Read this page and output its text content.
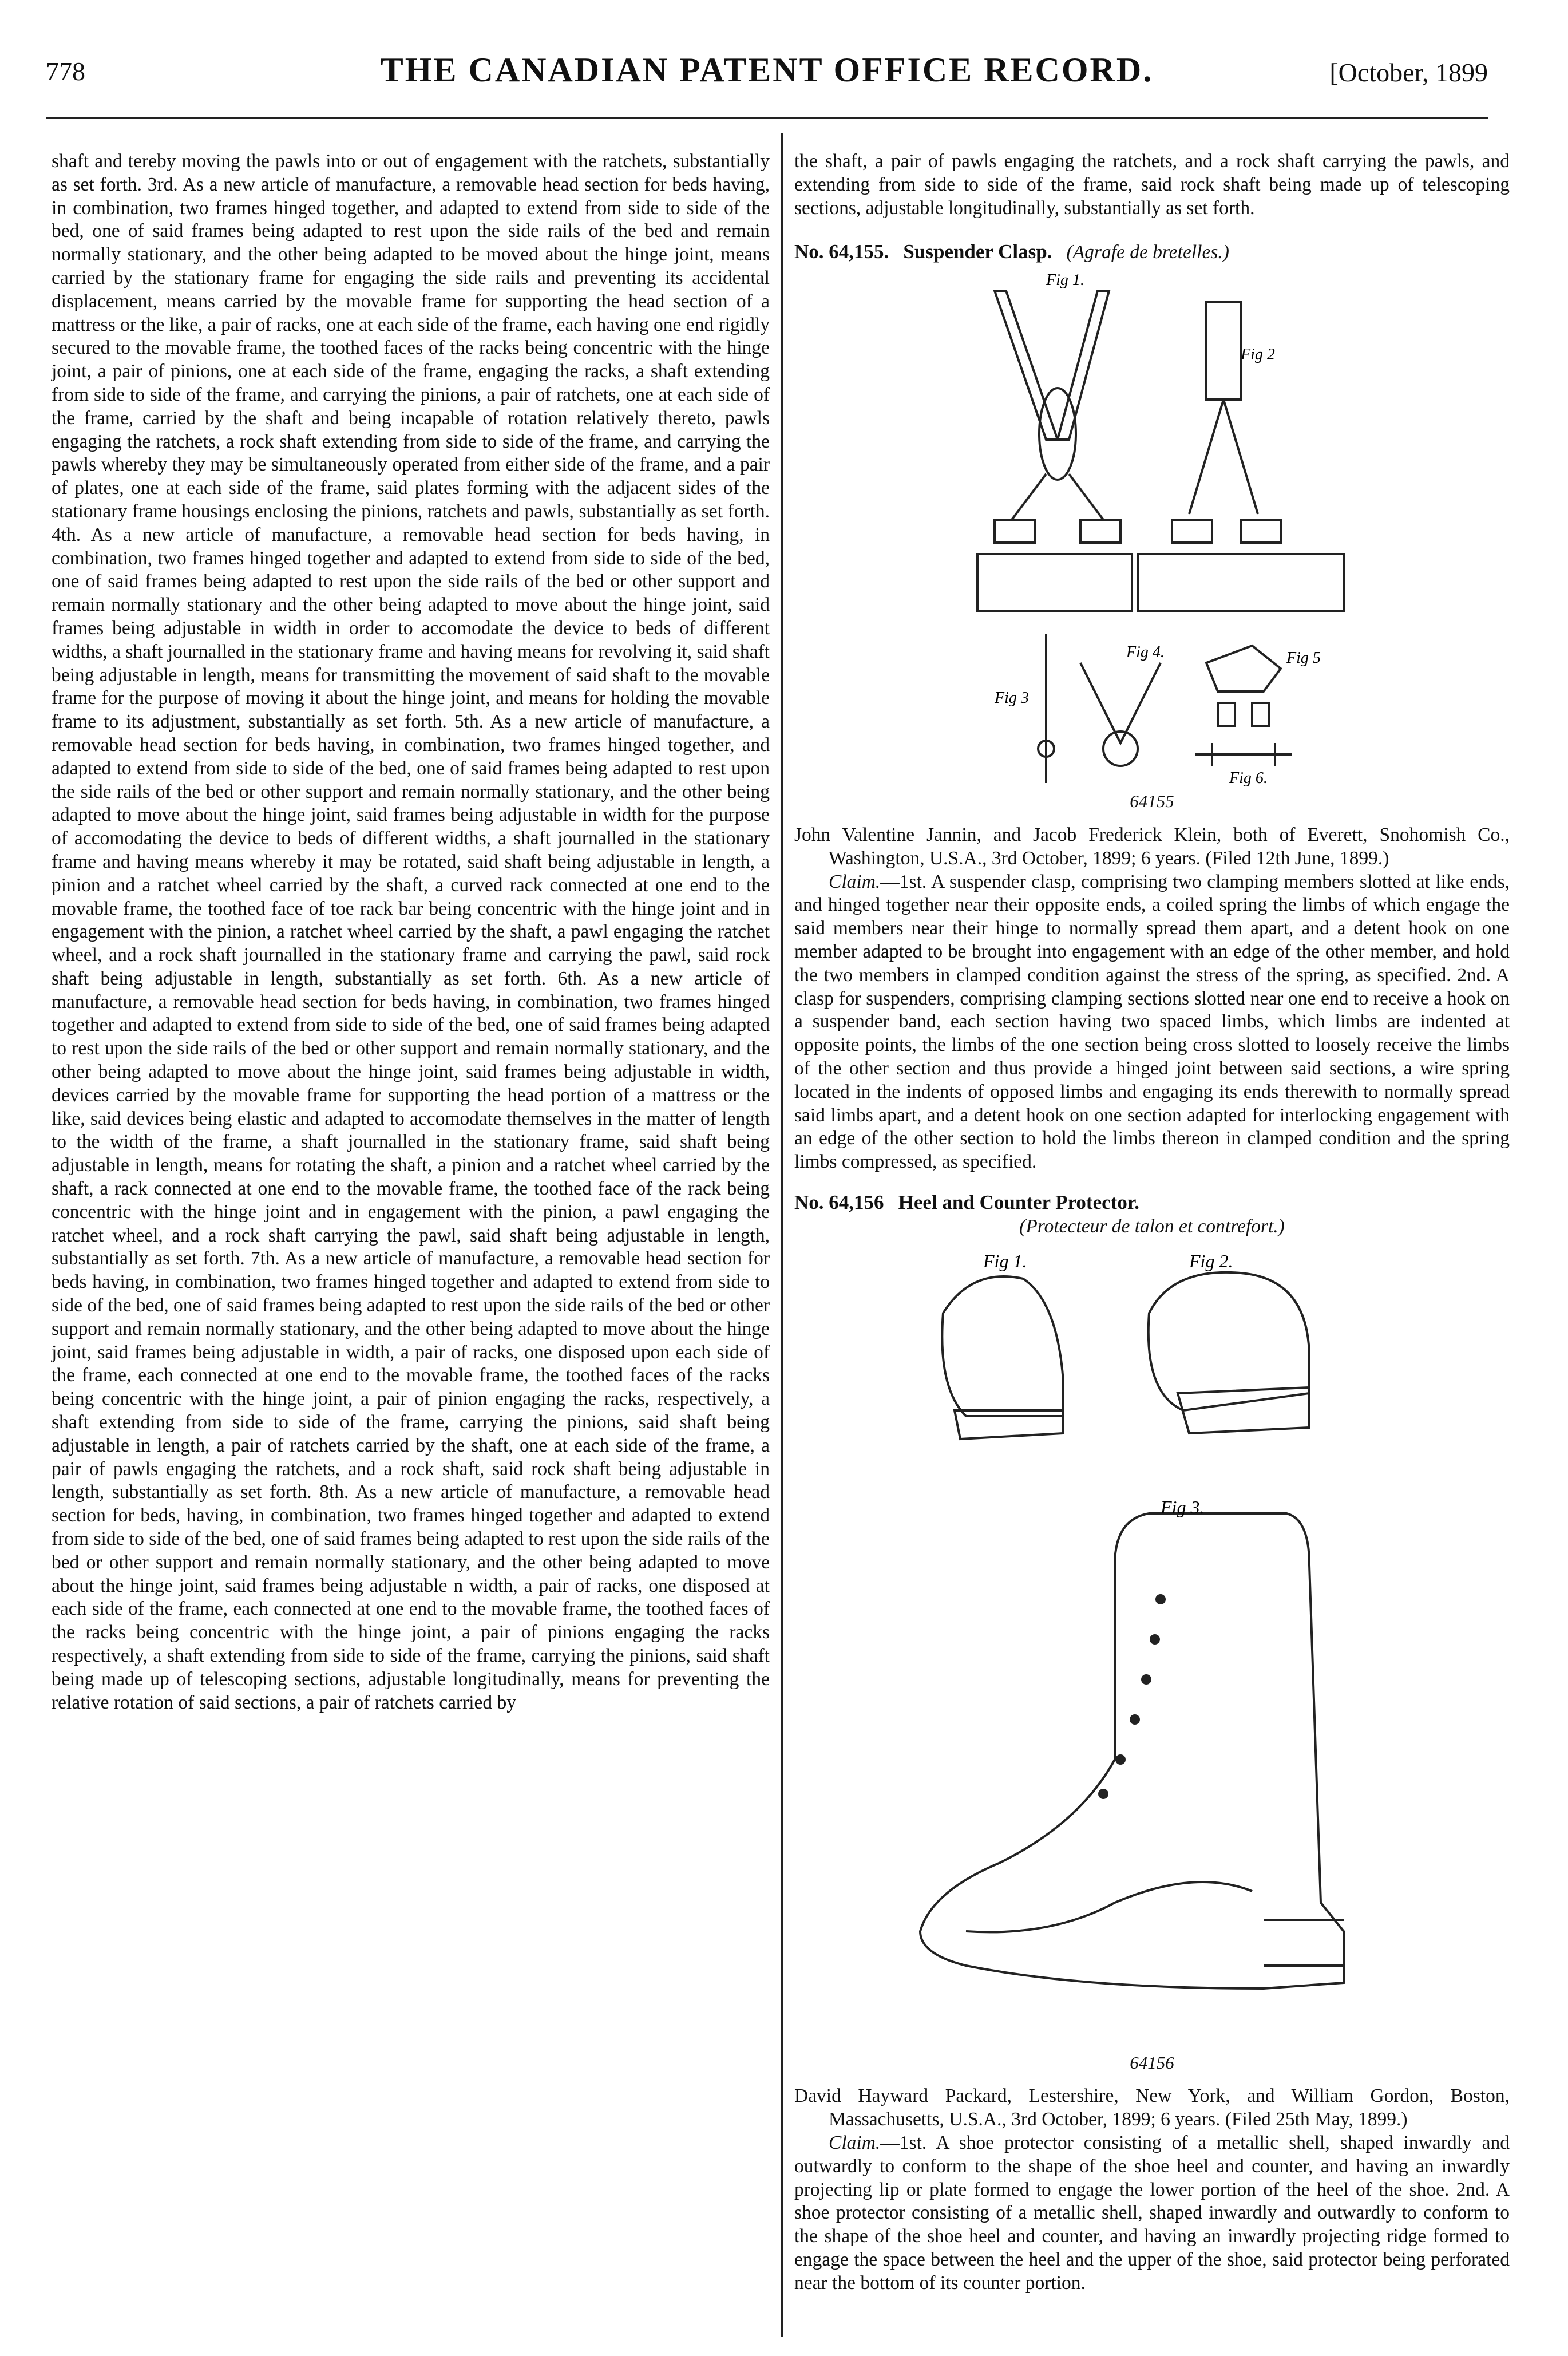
778	THE CANADIAN PATENT OFFICE RECORD.	[October, 1899

shaft and tereby moving the pawls into or out of engagement with the ratchets, substantially as set forth. 3rd. As a new article of manufacture, a removable head section for beds having, in combination, two frames hinged together, and adapted to extend from side to side of the bed, one of said frames being adapted to rest upon the side rails of the bed and remain normally stationary, and the other being adapted to be moved about the hinge joint, means carried by the stationary frame for engaging the side rails and preventing its accidental displacement, means carried by the movable frame for supporting the head section of a mattress or the like, a pair of racks, one at each side of the frame, each having one end rigidly secured to the movable frame, the toothed faces of the racks being concentric with the hinge joint, a pair of pinions, one at each side of the frame, engaging the racks, a shaft extending from side to side of the frame, and carrying the pinions, a pair of ratchets, one at each side of the frame, carried by the shaft and being incapable of rotation relatively thereto, pawls engaging the ratchets, a rock shaft extending from side to side of the frame, and carrying the pawls whereby they may be simultaneously operated from either side of the frame, and a pair of plates, one at each side of the frame, said plates forming with the adjacent sides of the stationary frame housings enclosing the pinions, ratchets and pawls, substantially as set forth. 4th. As a new article of manufacture, a removable head section for beds having, in combination, two frames hinged together and adapted to extend from side to side of the bed, one of said frames being adapted to rest upon the side rails of the bed or other support and remain normally stationary and the other being adapted to move about the hinge joint, said frames being adjustable in width in order to accomodate the device to beds of different widths, a shaft journalled in the stationary frame and having means for revolving it, said shaft being adjustable in length, means for transmitting the movement of said shaft to the movable frame for the purpose of moving it about the hinge joint, and means for holding the movable frame to its adjustment, substantially as set forth. 5th. As a new article of manufacture, a removable head section for beds having, in combination, two frames hinged together, and adapted to extend from side to side of the bed, one of said frames being adapted to rest upon the side rails of the bed or other support and remain normally stationary, and the other being adapted to move about the hinge joint, said frames being adjustable in width for the purpose of accomodating the device to beds of different widths, a shaft journalled in the stationary frame and having means whereby it may be rotated, said shaft being adjustable in length, a pinion and a ratchet wheel carried by the shaft, a curved rack connected at one end to the movable frame, the toothed face of toe rack bar being concentric with the hinge joint and in engagement with the pinion, a ratchet wheel carried by the shaft, a pawl engaging the ratchet wheel, and a rock shaft journalled in the stationary frame and carrying the pawl, said rock shaft being adjustable in length, substantially as set forth. 6th. As a new article of manufacture, a removable head section for beds having, in combination, two frames hinged together and adapted to extend from side to side of the bed, one of said frames being adapted to rest upon the side rails of the bed or other support and remain normally stationary, and the other being adapted to move about the hinge joint, said frames being adjustable in width, devices carried by the movable frame for supporting the head portion of a mattress or the like, said devices being elastic and adapted to accomodate themselves in the matter of length to the width of the frame, a shaft journalled in the stationary frame, said shaft being adjustable in length, means for rotating the shaft, a pinion and a ratchet wheel carried by the shaft, a rack connected at one end to the movable frame, the toothed face of the rack being concentric with the hinge joint and in engagement with the pinion, a pawl engaging the ratchet wheel, and a rock shaft carrying the pawl, said shaft being adjustable in length, substantially as set forth. 7th. As a new article of manufacture, a removable head section for beds having, in combination, two frames hinged together and adapted to extend from side to side of the bed, one of said frames being adapted to rest upon the side rails of the bed or other support and remain normally stationary, and the other being adapted to move about the hinge joint, said frames being adjustable in width, a pair of racks, one disposed upon each side of the frame, each connected at one end to the movable frame, the toothed faces of the racks being concentric with the hinge joint, a pair of pinion engaging the racks, respectively, a shaft extending from side to side of the frame, carrying the pinions, said shaft being adjustable in length, a pair of ratchets carried by the shaft, one at each side of the frame, a pair of pawls engaging the ratchets, and a rock shaft, said rock shaft being adjustable in length, substantially as set forth. 8th. As a new article of manufacture, a removable head section for beds, having, in combination, two frames hinged together and adapted to extend from side to side of the bed, one of said frames being adapted to rest upon the side rails of the bed or other support and remain normally stationary, and the other being adapted to move about the hinge joint, said frames being adjustable n width, a pair of racks, one disposed at each side of the frame, each connected at one end to the movable frame, the toothed faces of the racks being concentric with the hinge joint, a pair of pinions engaging the racks respectively, a shaft extending from side to side of the frame, carrying the pinions, said shaft being made up of telescoping sections, adjustable longitudinally, means for preventing the relative rotation of said sections, a pair of ratchets carried by

the shaft, a pair of pawls engaging the ratchets, and a rock shaft carrying the pawls, and extending from side to side of the frame, said rock shaft being made up of telescoping sections, adjustable longitudinally, substantially as set forth.

No. 64,155. Suspender Clasp. (Agrafe de bretelles.)

Fig 1.
Fig 2
Fig 3
Fig 4.	Fig 5
Fig 6.

64155

John Valentine Jannin, and Jacob Frederick Klein, both of Everett, Snohomish Co., Washington, U.S.A., 3rd October, 1899; 6 years. (Filed 12th June, 1899.)

Claim.—1st. A suspender clasp, comprising two clamping members slotted at like ends, and hinged together near their opposite ends, a coiled spring the limbs of which engage the said members near their hinge to normally spread them apart, and a detent hook on one member adapted to be brought into engagement with an edge of the other member, and hold the two members in clamped condition against the stress of the spring, as specified. 2nd. A clasp for suspenders, comprising clamping sections slotted near one end to receive a hook on a suspender band, each section having two spaced limbs, which limbs are indented at opposite points, the limbs of the one section being cross slotted to loosely receive the limbs of the other section and thus provide a hinged joint between said sections, a wire spring located in the indents of opposed limbs and engaging its ends therewith to normally spread said limbs apart, and a detent hook on one section adapted for interlocking engagement with an edge of the other section to hold the limbs thereon in clamped condition and the spring limbs compressed, as specified.

No. 64,156 Heel and Counter Protector.

(Protecteur de talon et contrefort.)

Fig 1.	Fig 2.
Fig 3.

64156

David Hayward Packard, Lestershire, New York, and William Gordon, Boston, Massachusetts, U.S.A., 3rd October, 1899; 6 years. (Filed 25th May, 1899.)

Claim.—1st. A shoe protector consisting of a metallic shell, shaped inwardly and outwardly to conform to the shape of the shoe heel and counter, and having an inwardly projecting lip or plate formed to engage the lower portion of the heel of the shoe. 2nd. A shoe protector consisting of a metallic shell, shaped inwardly and outwardly to conform to the shape of the shoe heel and counter, and having an inwardly projecting ridge formed to engage the space between the heel and the upper of the shoe, said protector being perforated near the bottom of its counter portion.
